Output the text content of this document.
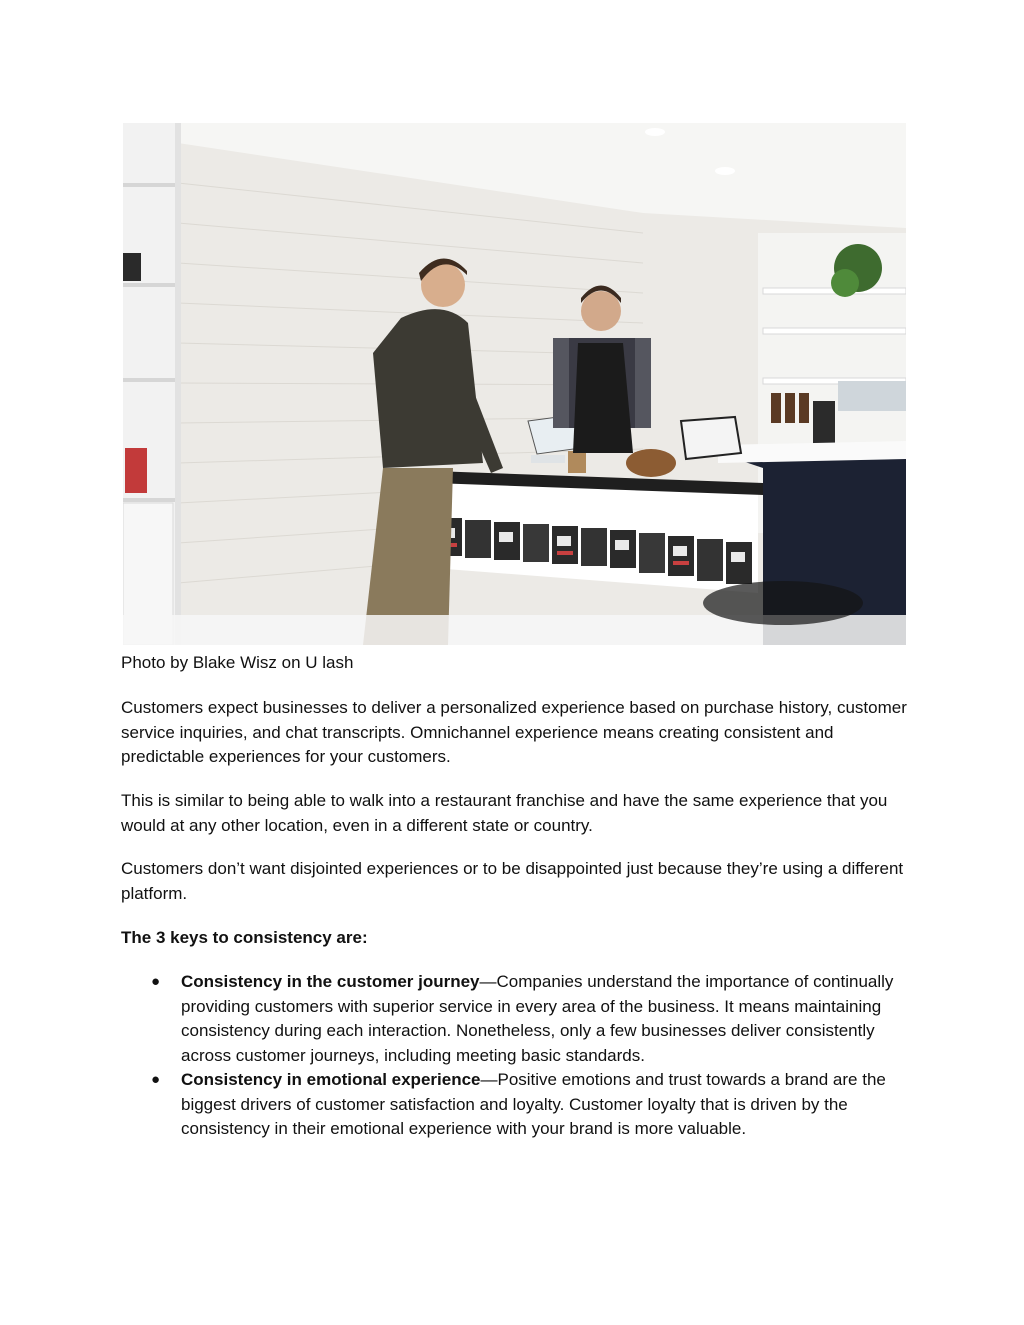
Photo by Blake Wisz on U lash

Customers expect businesses to deliver a personalized experience based on purchase history, customer service inquiries, and chat transcripts. Omnichannel experience means creating consistent and predictable experiences for your customers.

This is similar to being able to walk into a restaurant franchise and have the same experience that you would at any other location, even in a different state or country.

Customers don’t want disjointed experiences or to be disappointed just because they’re using a different platform.

The 3 keys to consistency are:
● Consistency in the customer journey—Companies understand the importance of continually providing customers with superior service in every area of the business. It means maintaining consistency during each interaction. Nonetheless, only a few businesses deliver consistently across customer journeys, including meeting basic standards.
● Consistency in emotional experience—Positive emotions and trust towards a brand are the biggest drivers of customer satisfaction and loyalty. Customer loyalty that is driven by the consistency in their emotional experience with your brand is more valuable.
